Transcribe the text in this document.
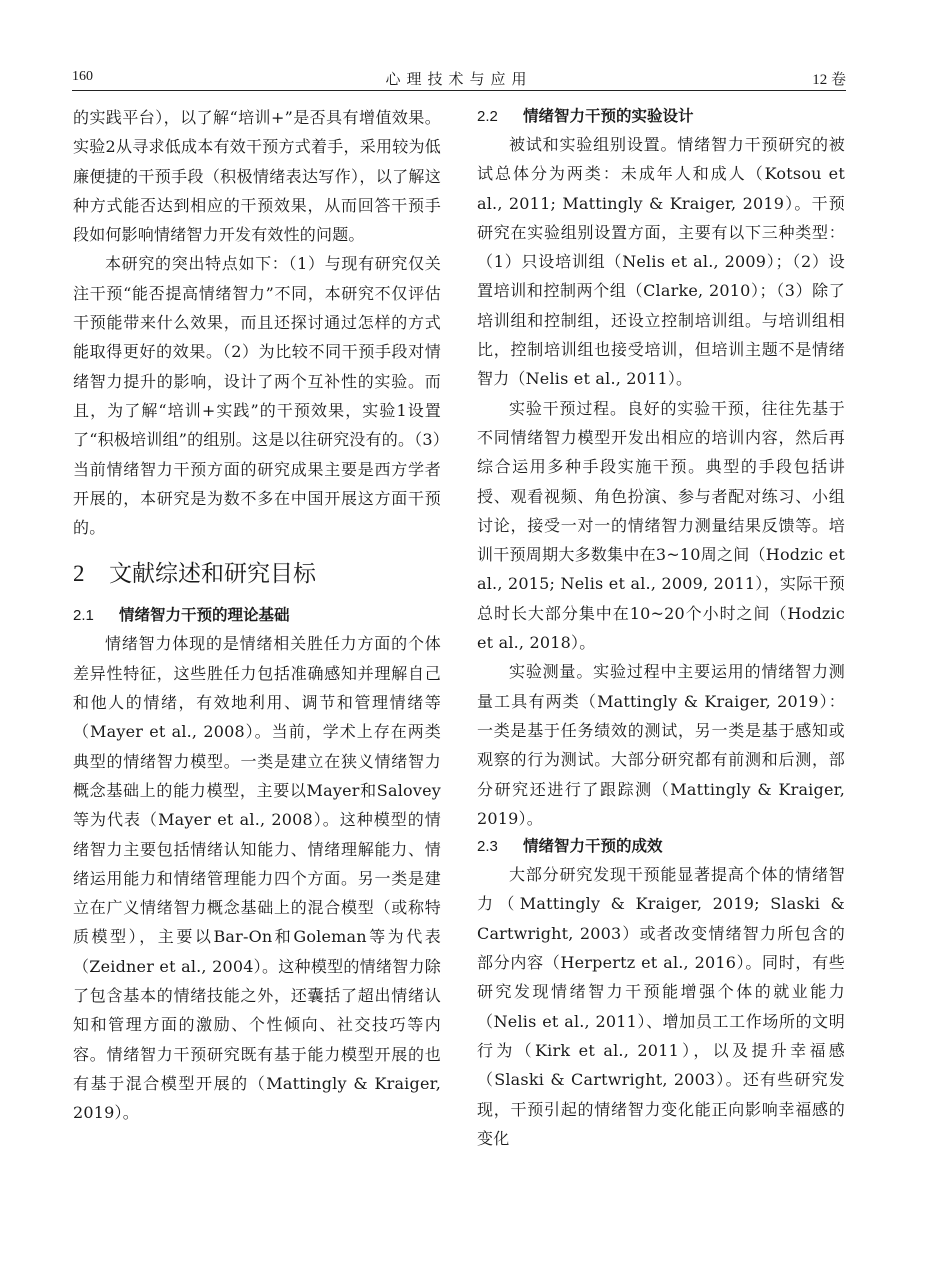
160	心理技术与应用	12 卷

的实践平台），以了解“培训+”是否具有增值效果。实验2从寻求低成本有效干预方式着手，采用较为低廉便捷的干预手段（积极情绪表达写作），以了解这种方式能否达到相应的干预效果，从而回答干预手段如何影响情绪智力开发有效性的问题。

本研究的突出特点如下：（1）与现有研究仅关注干预“能否提高情绪智力”不同，本研究不仅评估干预能带来什么效果，而且还探讨通过怎样的方式能取得更好的效果。（2）为比较不同干预手段对情绪智力提升的影响，设计了两个互补性的实验。而且，为了解“培训+实践”的干预效果，实验1设置了“积极培训组”的组别。这是以往研究没有的。（3）当前情绪智力干预方面的研究成果主要是西方学者开展的，本研究是为数不多在中国开展这方面干预的。

2 文献综述和研究目标
2.1 情绪智力干预的理论基础

情绪智力体现的是情绪相关胜任力方面的个体差异性特征，这些胜任力包括准确感知并理解自己和他人的情绪，有效地利用、调节和管理情绪等（Mayer et al., 2008）。当前，学术上存在两类典型的情绪智力模型。一类是建立在狭义情绪智力概念基础上的能力模型，主要以Mayer和Salovey等为代表（Mayer et al., 2008）。这种模型的情绪智力主要包括情绪认知能力、情绪理解能力、情绪运用能力和情绪管理能力四个方面。另一类是建立在广义情绪智力概念基础上的混合模型（或称特质模型），主要以Bar-On和Goleman等为代表（Zeidner et al., 2004）。这种模型的情绪智力除了包含基本的情绪技能之外，还囊括了超出情绪认知和管理方面的激励、个性倾向、社交技巧等内容。情绪智力干预研究既有基于能力模型开展的也有基于混合模型开展的（Mattingly & Kraiger, 2019）。

2.2 情绪智力干预的实验设计

被试和实验组别设置。情绪智力干预研究的被试总体分为两类：未成年人和成人（Kotsou et al., 2011; Mattingly & Kraiger, 2019）。干预研究在实验组别设置方面，主要有以下三种类型：（1）只设培训组（Nelis et al., 2009）；（2）设置培训和控制两个组（Clarke, 2010）；（3）除了培训组和控制组，还设立控制培训组。与培训组相比，控制培训组也接受培训，但培训主题不是情绪智力（Nelis et al., 2011）。

实验干预过程。良好的实验干预，往往先基于不同情绪智力模型开发出相应的培训内容，然后再综合运用多种手段实施干预。典型的手段包括讲授、观看视频、角色扮演、参与者配对练习、小组讨论，接受一对一的情绪智力测量结果反馈等。培训干预周期大多数集中在3~10周之间（Hodzic et al., 2015; Nelis et al., 2009, 2011），实际干预总时长大部分集中在10~20个小时之间（Hodzic et al., 2018）。

实验测量。实验过程中主要运用的情绪智力测量工具有两类（Mattingly & Kraiger, 2019）：一类是基于任务绩效的测试，另一类是基于感知或观察的行为测试。大部分研究都有前测和后测，部分研究还进行了跟踪测（Mattingly & Kraiger, 2019）。

2.3 情绪智力干预的成效

大部分研究发现干预能显著提高个体的情绪智力（Mattingly & Kraiger, 2019; Slaski & Cartwright, 2003）或者改变情绪智力所包含的部分内容（Herpertz et al., 2016）。同时，有些研究发现情绪智力干预能增强个体的就业能力（Nelis et al., 2011）、增加员工工作场所的文明行为（Kirk et al., 2011），以及提升幸福感（Slaski & Cartwright, 2003）。还有些研究发现，干预引起的情绪智力变化能正向影响幸福感的变化
